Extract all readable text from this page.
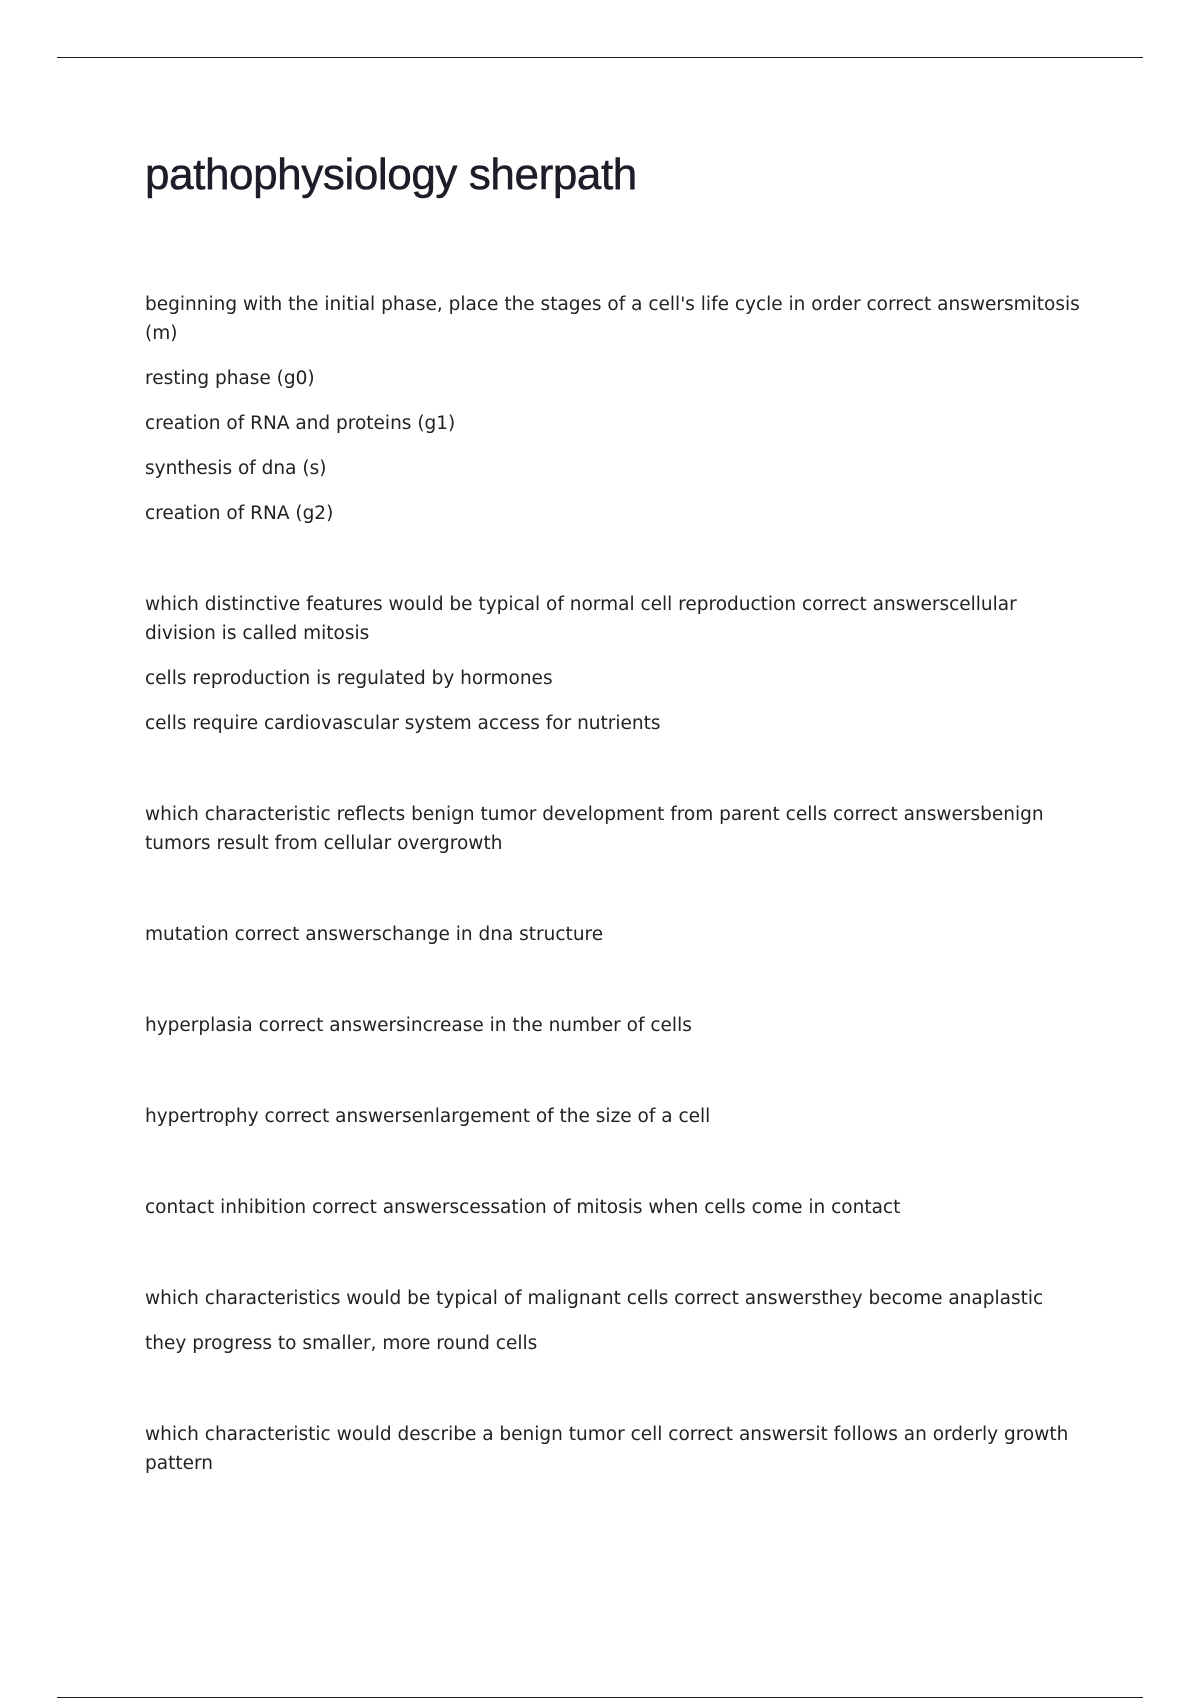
pathophysiology sherpath

beginning with the initial phase, place the stages of a cell's life cycle in order correct answersmitosis (m)

resting phase (g0)

creation of RNA and proteins (g1)

synthesis of dna (s)

creation of RNA (g2)

which distinctive features would be typical of normal cell reproduction correct answerscellular division is called mitosis

cells reproduction is regulated by hormones

cells require cardiovascular system access for nutrients

which characteristic reflects benign tumor development from parent cells correct answersbenign tumors result from cellular overgrowth

mutation correct answerschange in dna structure

hyperplasia correct answersincrease in the number of cells

hypertrophy correct answersenlargement of the size of a cell

contact inhibition correct answerscessation of mitosis when cells come in contact

which characteristics would be typical of malignant cells correct answersthey become anaplastic

they progress to smaller, more round cells

which characteristic would describe a benign tumor cell correct answersit follows an orderly growth pattern
